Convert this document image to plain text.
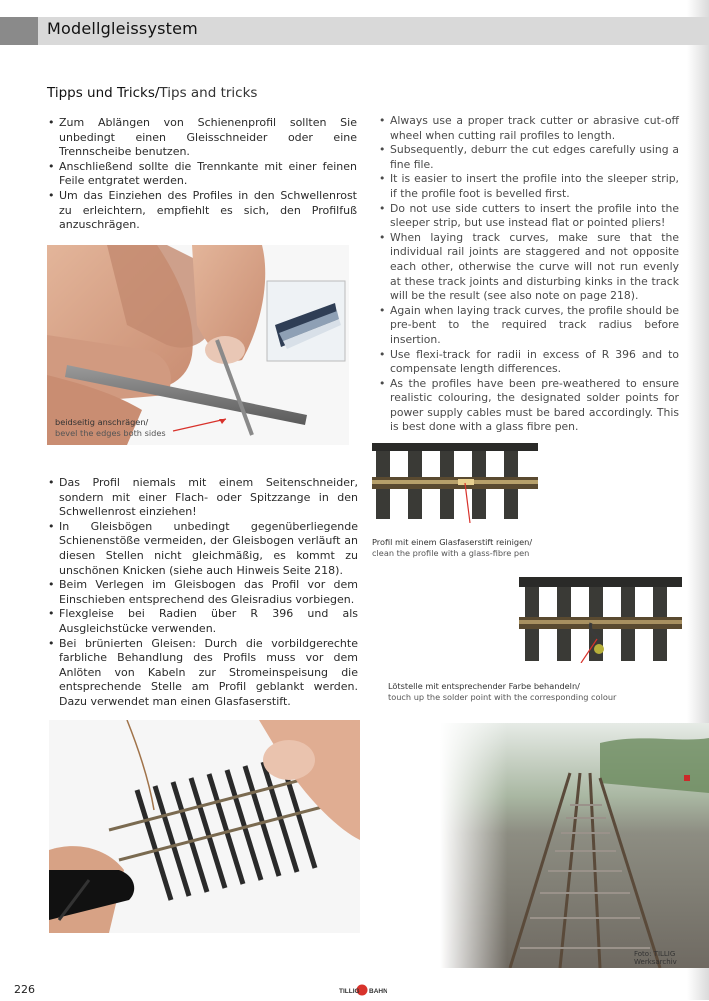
Modellgleissystem
Tipps und Tricks/Tips and tricks
• Zum Ablängen von Schienenprofil sollten Sie unbedingt einen Gleisschneider oder eine Trennscheibe benutzen.
• Anschließend sollte die Trennkante mit einer feinen Feile entgratet werden.
• Um das Einziehen des Profiles in den Schwellenrost zu erleichtern, empfiehlt es sich, den Profilfuß anzuschrägen.
• Always use a proper track cutter or abrasive cut-off wheel when cutting rail profiles to length.
• Subsequently, deburr the cut edges carefully using a fine file.
• It is easier to insert the profile into the sleeper strip, if the profile foot is bevelled first.
• Do not use side cutters to insert the profile into the sleeper strip, but use instead flat or pointed pliers!
• When laying track curves, make sure that the individual rail joints are staggered and not opposite each other, otherwise the curve will not run evenly at these track joints and disturbing kinks in the track will be the result (see also note on page 218).
• Again when laying track curves, the profile should be pre-bent to the required track radius before insertion.
• Use flexi-track for radii in excess of R 396 and to compensate length differences.
• As the profiles have been pre-weathered to ensure realistic colouring, the designated solder points for power supply cables must be bared accordingly. This is best done with a glass fibre pen.
beidseitig anschrägen/
bevel the edges both sides
• Das Profil niemals mit einem Seitenschneider, sondern mit einer Flach- oder Spitzzange in den Schwellenrost einziehen!
• In Gleisbögen unbedingt gegenüberliegende Schienenstöße vermeiden, der Gleisbogen verläuft an diesen Stellen nicht gleichmäßig, es kommt zu unschönen Knicken (siehe auch Hinweis Seite 218).
• Beim Verlegen im Gleisbogen das Profil vor dem Einschieben entsprechend des Gleisradius vorbiegen.
• Flexgleise bei Radien über R 396 und als Ausgleichstücke verwenden.
• Bei brünierten Gleisen: Durch die vorbildgerechte farbliche Behandlung des Profils muss vor dem Anlöten von Kabeln zur Stromeinspeisung die entsprechende Stelle am Profil geblankt werden. Dazu verwendet man einen Glasfaserstift.
Profil mit einem Glasfaserstift reinigen/
clean the profile with a glass-fibre pen
Lötstelle mit entsprechender Farbe behandeln/
touch up the solder point with the corresponding colour
Foto: TILLIG Werksarchiv
226	TILLIG BAHN
